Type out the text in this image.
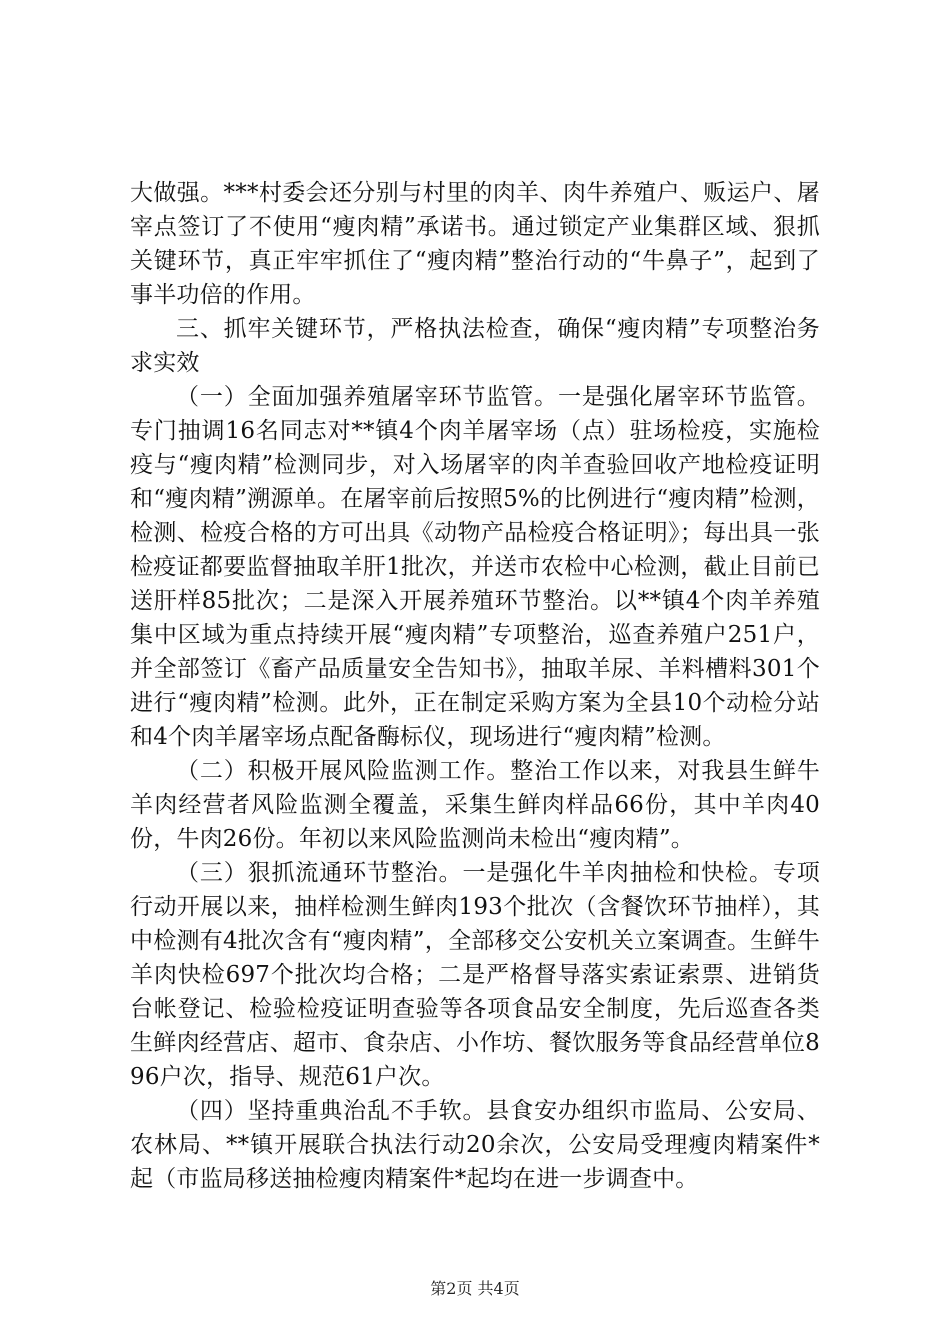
大做强。***村委会还分别与村里的肉羊、肉牛养殖户、贩运户、屠宰点签订了不使用“瘦肉精”承诺书。通过锁定产业集群区域、狠抓关键环节，真正牢牢抓住了“瘦肉精”整治行动的“牛鼻子”，起到了事半功倍的作用。

三、抓牢关键环节，严格执法检查，确保“瘦肉精”专项整治务求实效

（一）全面加强养殖屠宰环节监管。一是强化屠宰环节监管。专门抽调16名同志对**镇4个肉羊屠宰场（点）驻场检疫，实施检疫与“瘦肉精”检测同步，对入场屠宰的肉羊查验回收产地检疫证明和“瘦肉精”溯源单。在屠宰前后按照5%的比例进行“瘦肉精”检测，检测、检疫合格的方可出具《动物产品检疫合格证明》；每出具一张检疫证都要监督抽取羊肝1批次，并送市农检中心检测，截止目前已送肝样85批次；二是深入开展养殖环节整治。以**镇4个肉羊养殖集中区域为重点持续开展“瘦肉精”专项整治，巡查养殖户251户，并全部签订《畜产品质量安全告知书》，抽取羊尿、羊料槽料301个进行“瘦肉精”检测。此外，正在制定采购方案为全县10个动检分站和4个肉羊屠宰场点配备酶标仪，现场进行“瘦肉精”检测。

（二）积极开展风险监测工作。整治工作以来，对我县生鲜牛羊肉经营者风险监测全覆盖，采集生鲜肉样品66份，其中羊肉40份，牛肉26份。年初以来风险监测尚未检出“瘦肉精”。

（三）狠抓流通环节整治。一是强化牛羊肉抽检和快检。专项行动开展以来，抽样检测生鲜肉193个批次（含餐饮环节抽样），其中检测有4批次含有“瘦肉精”，全部移交公安机关立案调查。生鲜牛羊肉快检697个批次均合格；二是严格督导落实索证索票、进销货台帐登记、检验检疫证明查验等各项食品安全制度，先后巡查各类生鲜肉经营店、超市、食杂店、小作坊、餐饮服务等食品经营单位896户次，指导、规范61户次。

（四）坚持重典治乱不手软。县食安办组织市监局、公安局、农林局、**镇开展联合执法行动20余次，公安局受理瘦肉精案件*起（市监局移送抽检瘦肉精案件*起均在进一步调查中。

第2页 共4页
